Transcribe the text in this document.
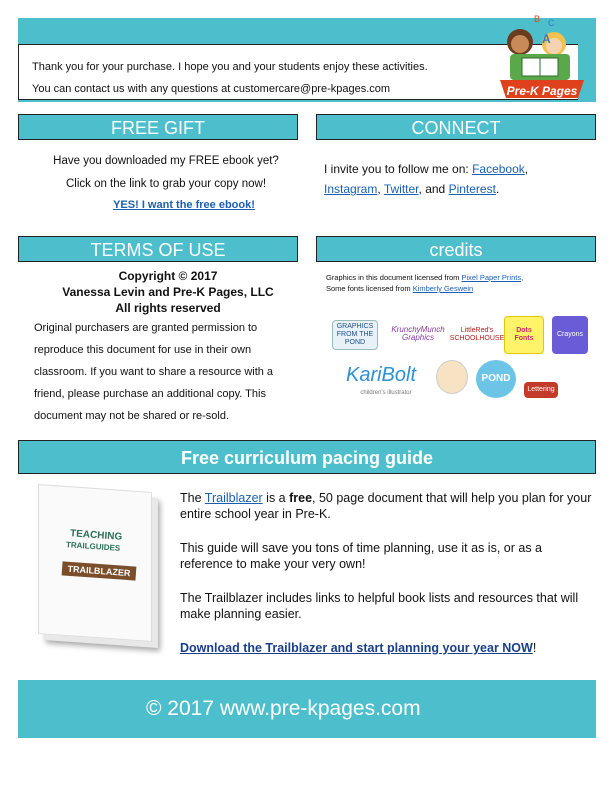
Thank you for your purchase. I hope you and your students enjoy these activities.

You can contact us with any questions at customercare@pre-kpages.com

A
B C
Pre-K Pages
FREE GIFT

Have you downloaded my FREE ebook yet?

Click on the link to grab your copy now!

YES! I want the free ebook!
CONNECT

I invite you to follow me on: Facebook,

Instagram, Twitter, and Pinterest.

TERMS OF USE

Copyright © 2017

Vanessa Levin and Pre-K Pages, LLC

All rights reserved

Original purchasers are granted permission to

reproduce this document for use in their own

classroom. If you want to share a resource with a

friend, please purchase an additional copy. This

document may not be shared or re-sold.

credits

Graphics in this document licensed from Pixel Paper Prints,

Some fonts licensed from Kimberly Geswein

GRAPHICS FROM THE POND
KrunchyMunch Graphics
LittleRed's SCHOOLHOUSE
Dots Fonts
Crayons
KariBolt
children's illustrator
POND
Lettering
Free curriculum pacing guide
TEACHING
TRAILGUIDES
TRAILBLAZER

The Trailblazer is a free, 50 page document that will help you plan for your entire school year in Pre-K.

This guide will save you tons of time planning, use it as is, or as a reference to make your very own!

The Trailblazer includes links to helpful book lists and resources that will make planning easier.

Download the Trailblazer and start planning your year NOW!

© 2017 www.pre-kpages.com
